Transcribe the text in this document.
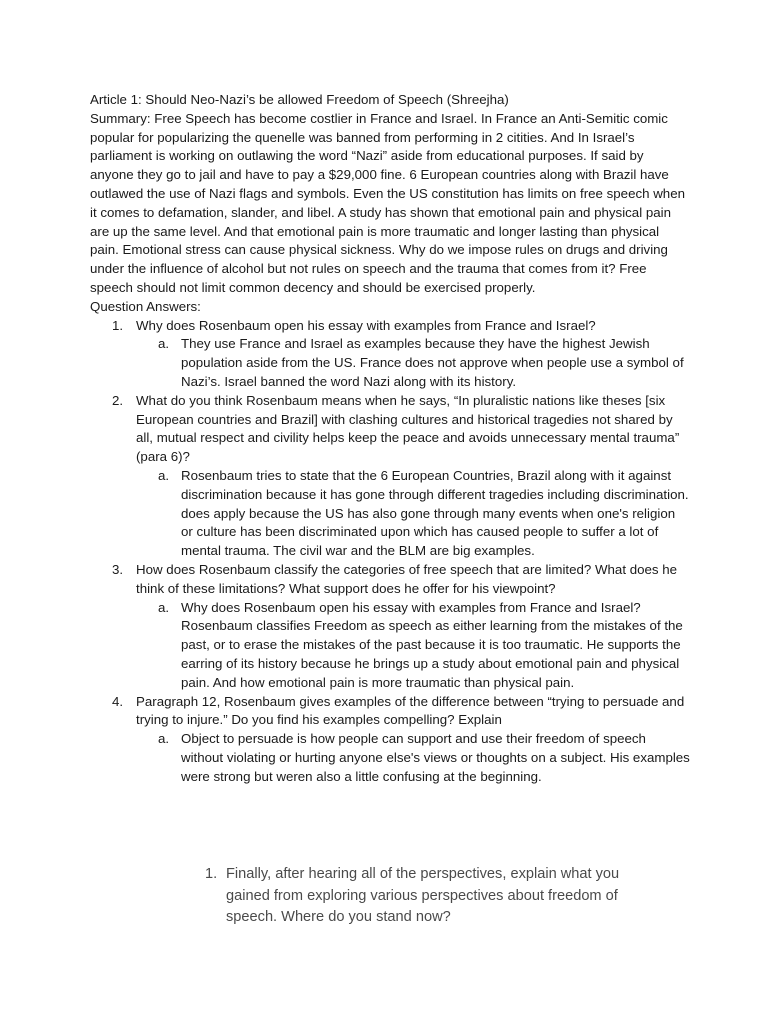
Article 1: Should Neo-Nazi’s be allowed Freedom of Speech (Shreejha)
Summary: Free Speech has become costlier in France and Israel. In France an Anti-Semitic comic popular for popularizing the quenelle was banned from performing in 2 citities. And In Israel’s parliament is working on outlawing the word “Nazi” aside from educational purposes. If said by anyone they go to jail and have to pay a $29,000 fine. 6 European countries along with Brazil have outlawed the use of Nazi flags and symbols. Even the US constitution has limits on free speech when it comes to defamation, slander, and libel. A study has shown that emotional pain and physical pain are up the same level. And that emotional pain is more traumatic and longer lasting than physical pain. Emotional stress can cause physical sickness. Why do we impose rules on drugs and driving under the influence of alcohol but not rules on speech and the trauma that comes from it? Free speech should not limit common decency and should be exercised properly.
Question Answers:
1. Why does Rosenbaum open his essay with examples from France and Israel?
a. They use France and Israel as examples because they have the highest Jewish population aside from the US. France does not approve when people use a symbol of Nazi’s. Israel banned the word Nazi along with its history.
2. What do you think Rosenbaum means when he says, “In pluralistic nations like theses [six European countries and Brazil] with clashing cultures and historical tragedies not shared by all, mutual respect and civility helps keep the peace and avoids unnecessary mental trauma” (para 6)?
a. Rosenbaum tries to state that the 6 European Countries, Brazil along with it against discrimination because it has gone through different tragedies including discrimination. does apply because the US has also gone through many events when one's religion or culture has been discriminated upon which has caused people to suffer a lot of mental trauma. The civil war and the BLM are big examples.
3. How does Rosenbaum classify the categories of free speech that are limited? What does he think of these limitations? What support does he offer for his viewpoint?
a. Why does Rosenbaum open his essay with examples from France and Israel? Rosenbaum classifies Freedom as speech as either learning from the mistakes of the past, or to erase the mistakes of the past because it is too traumatic. He supports the earring of its history because he brings up a study about emotional pain and physical pain. And how emotional pain is more traumatic than physical pain.
4. Paragraph 12, Rosenbaum gives examples of the difference between “trying to persuade and trying to injure.” Do you find his examples compelling? Explain
a. Object to persuade is how people can support and use their freedom of speech without violating or hurting anyone else's views or thoughts on a subject. His examples were strong but weren also a little confusing at the beginning.
1. Finally, after hearing all of the perspectives, explain what you gained from exploring various perspectives about freedom of speech. Where do you stand now?
